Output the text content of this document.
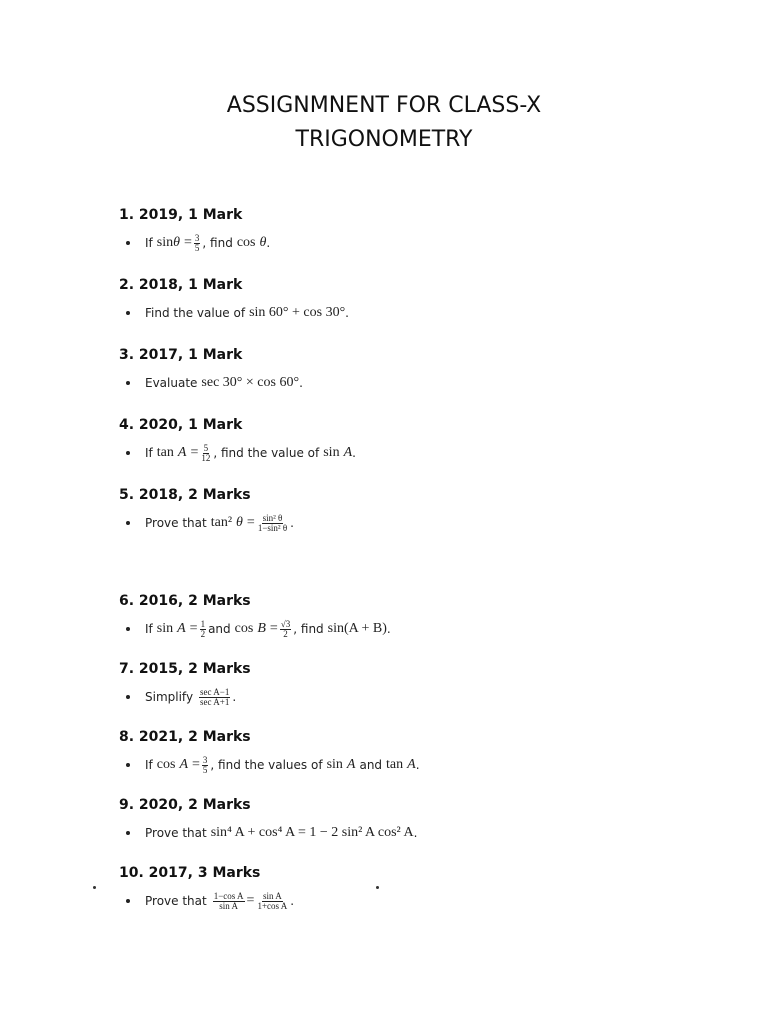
ASSIGNMNENT FOR CLASS-X
TRIGONOMETRY
1. 2019, 1 Mark
If $\sin \theta = \frac{3}{5}$ , find cos θ .
2. 2018, 1 Mark
Find the value of sin 60° + cos 30° .
3. 2017, 1 Mark
Evaluate sec 30° × cos 60° .
4. 2020, 1 Mark
If $\tan A = \frac{5}{12}$ , find the value of sin A .
5. 2018, 2 Marks
Prove that tan² $\theta = \frac{\text{sin² θ}}{\text{1−sin² θ}}$ .
6. 2016, 2 Marks
If $\sin A = \frac{1}{2}$ and $\cos B = \frac{√3}{2}$ , find sin(A + B) .
7. 2015, 2 Marks
Simplify $\frac{\text{sec A−1}}{\text{sec A+1}}$ .
8. 2021, 2 Marks
If $\cos A = \frac{3}{5}$ , find the values of sin A and tan A .
9. 2020, 2 Marks
Prove that sin⁴ A + cos⁴ A = 1 − 2 sin² A cos² A .
10. 2017, 3 Marks
Prove that $\frac{\text{1−cos A}}{\text{sin A}} = \frac{\text{sin A}}{\text{1+cos A}}$ .
